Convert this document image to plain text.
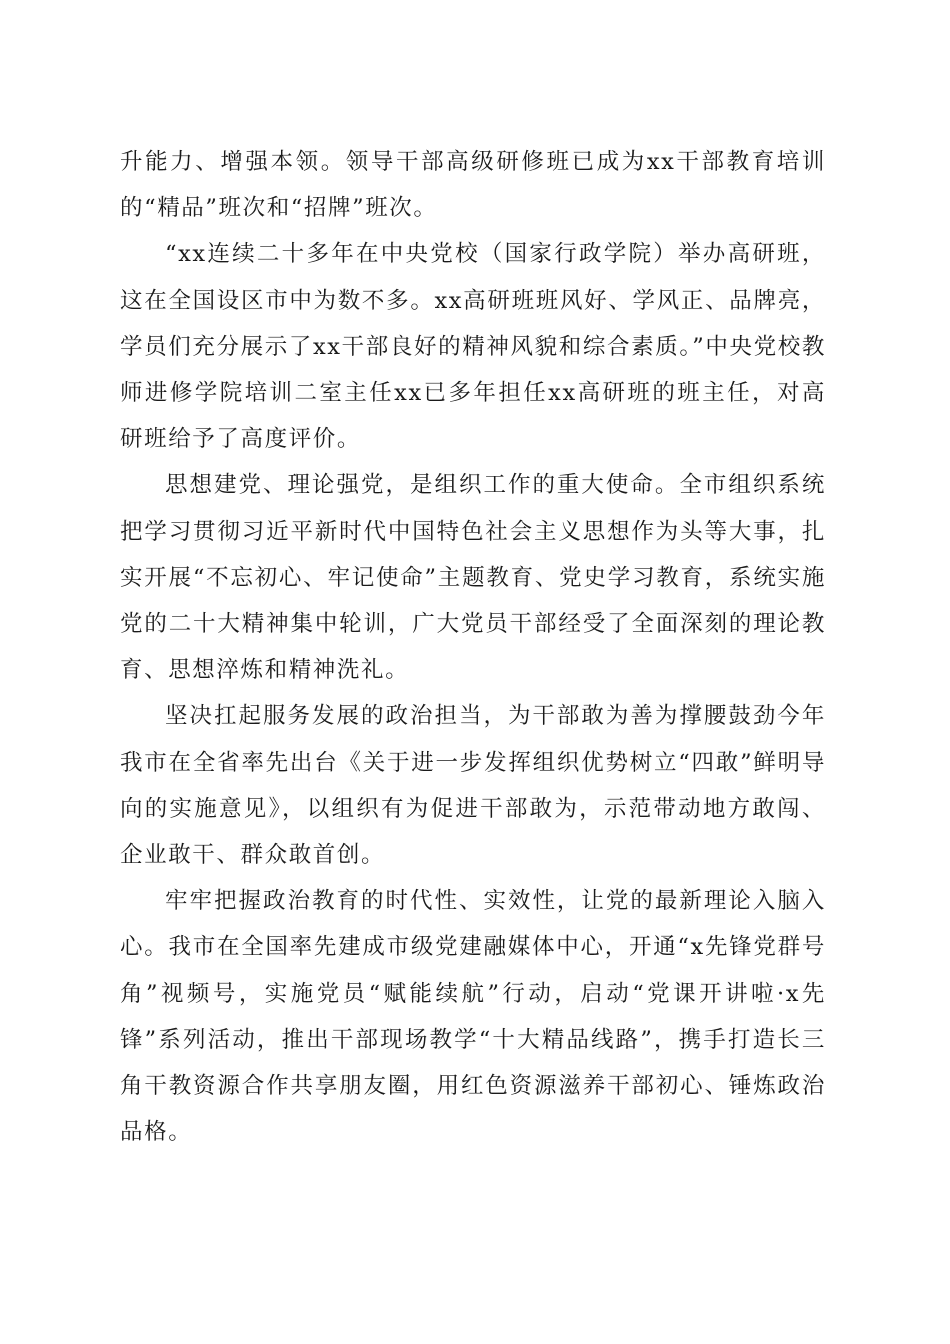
升能力、增强本领。领导干部高级研修班已成为xx干部教育培训的“精品”班次和“招牌”班次。

“xx连续二十多年在中央党校（国家行政学院）举办高研班，这在全国设区市中为数不多。xx高研班班风好、学风正、品牌亮，学员们充分展示了xx干部良好的精神风貌和综合素质。”中央党校教师进修学院培训二室主任xx已多年担任xx高研班的班主任，对高研班给予了高度评价。

思想建党、理论强党，是组织工作的重大使命。全市组织系统把学习贯彻习近平新时代中国特色社会主义思想作为头等大事，扎实开展“不忘初心、牢记使命”主题教育、党史学习教育，系统实施党的二十大精神集中轮训，广大党员干部经受了全面深刻的理论教育、思想淬炼和精神洗礼。

坚决扛起服务发展的政治担当，为干部敢为善为撑腰鼓劲今年我市在全省率先出台《关于进一步发挥组织优势树立“四敢”鲜明导向的实施意见》，以组织有为促进干部敢为，示范带动地方敢闯、企业敢干、群众敢首创。

牢牢把握政治教育的时代性、实效性，让党的最新理论入脑入心。我市在全国率先建成市级党建融媒体中心，开通“x先锋党群号角”视频号，实施党员“赋能续航”行动，启动“党课开讲啦·x先锋”系列活动，推出干部现场教学“十大精品线路”，携手打造长三角干教资源合作共享朋友圈，用红色资源滋养干部初心、锤炼政治品格。
